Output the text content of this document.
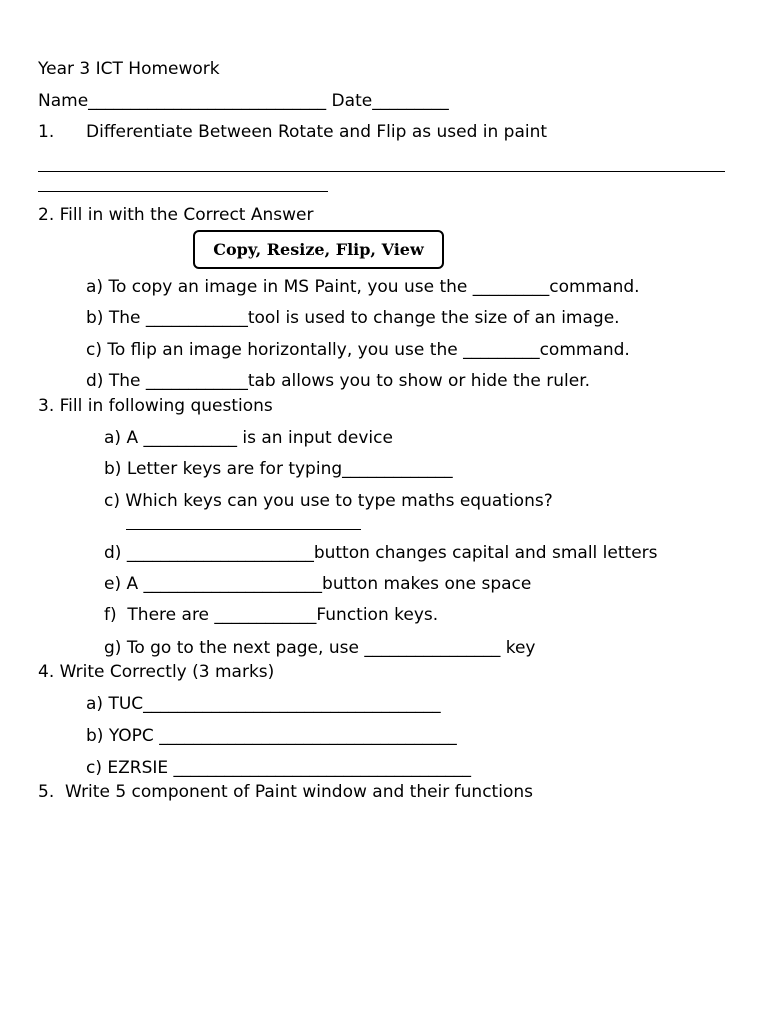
Year 3 ICT Homework
Name____________________________ Date_________
1. Differentiate Between Rotate and Flip as used in paint
2. Fill in with the Correct Answer
Copy, Resize, Flip, View
a) To copy an image in MS Paint, you use the _________command.
b) The ____________tool is used to change the size of an image.
c) To flip an image horizontally, you use the _________command.
d) The ____________tab allows you to show or hide the ruler.
3. Fill in following questions
a) A ___________ is an input device
b) Letter keys are for typing_____________
c) Which keys can you use to type maths equations?
d) ______________________button changes capital and small letters
e) A _____________________button makes one space
f)  There are ____________Function keys.
g) To go to the next page, use ________________ key
4. Write Correctly (3 marks)
a) TUC___________________________________
b) YOPC ___________________________________
c) EZRSIE ___________________________________
5.  Write 5 component of Paint window and their functions
